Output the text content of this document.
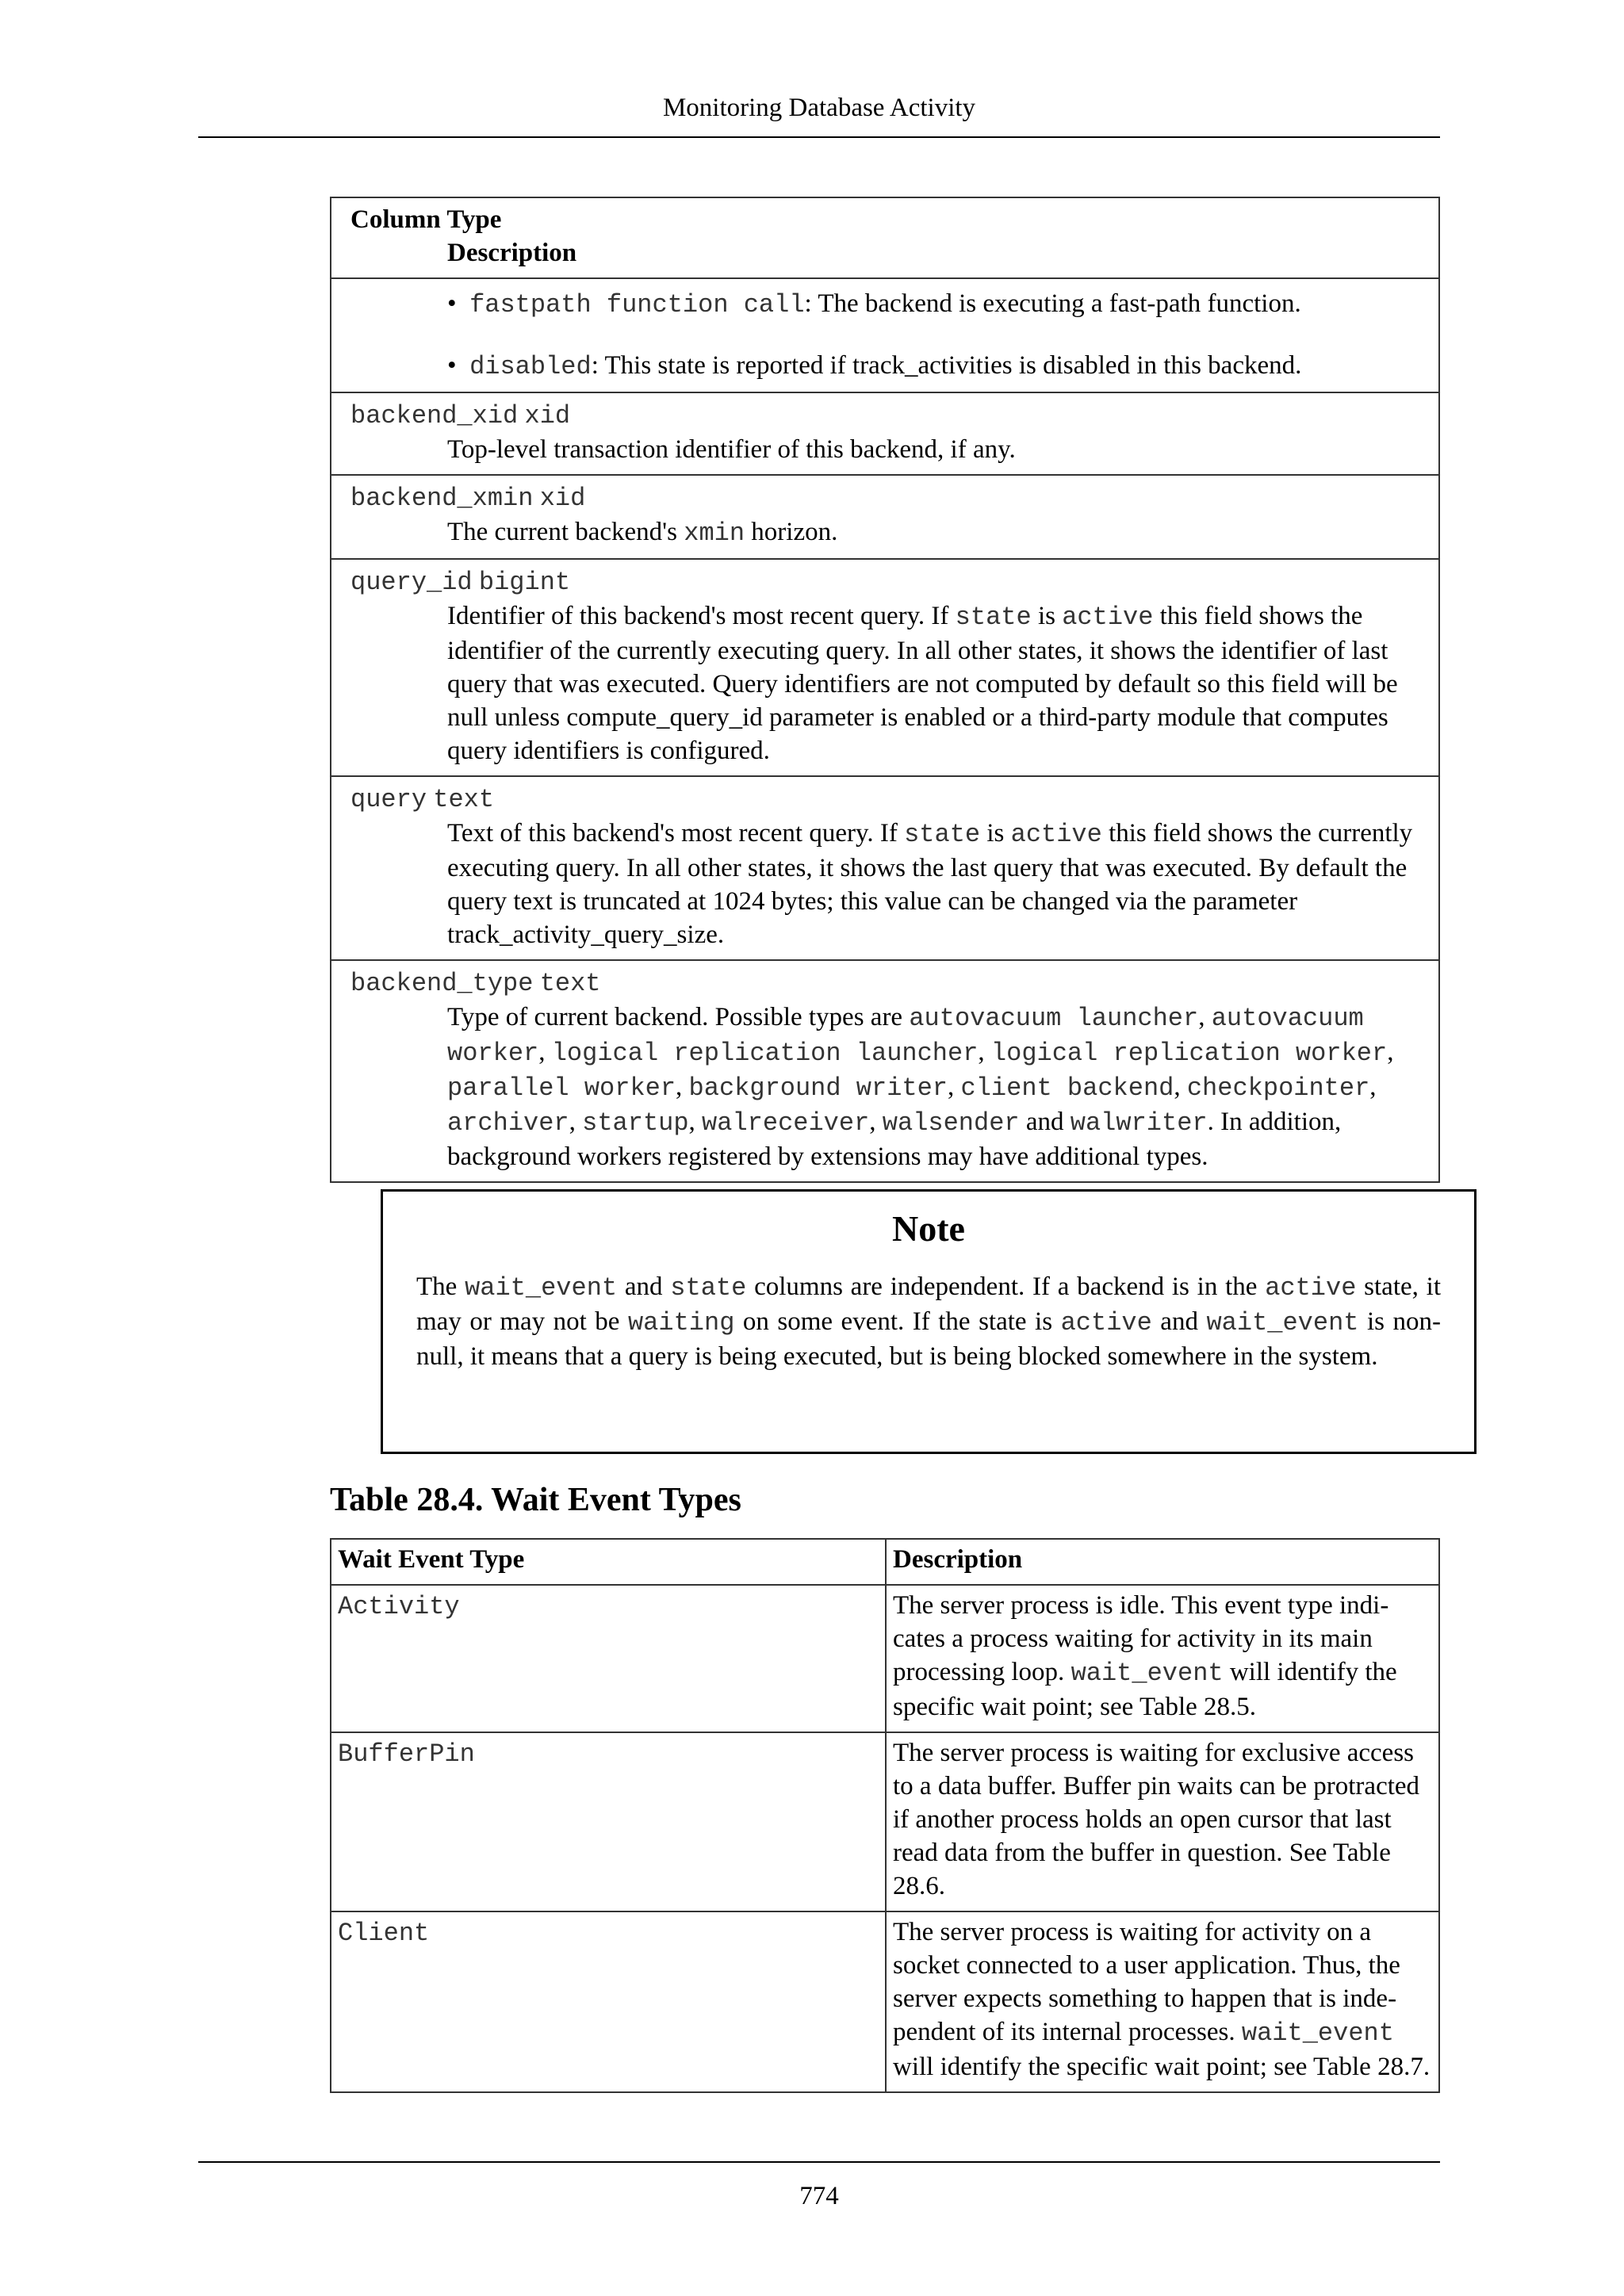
Monitoring Database Activity
Column Type
Description
•  fastpath function call: The backend is executing a fast-path function.
•  disabled: This state is reported if track_activities is disabled in this backend.
backend_xid xid
Top-level transaction identifier of this backend, if any.
backend_xmin xid
The current backend's xmin horizon.
query_id bigint
Identifier of this backend's most recent query. If state is active this field shows the identifier of the currently executing query. In all other states, it shows the identifier of last query that was executed. Query identifiers are not computed by default so this field will be null unless compute_query_id parameter is enabled or a third-party module that computes query identifiers is configured.
query text
Text of this backend's most recent query. If state is active this field shows the currently executing query. In all other states, it shows the last query that was executed. By default the query text is truncated at 1024 bytes; this value can be changed via the parameter track_activity_query_size.
backend_type text
Type of current backend. Possible types are autovacuum launcher, autovacuum worker, logical replication launcher, logical replication worker, parallel worker, background writer, client backend, checkpointer, archiver, startup, walreceiver, walsender and walwriter. In addition, background workers registered by extensions may have additional types.
Note
The wait_event and state columns are independent. If a backend is in the active state, it may or may not be waiting on some event. If the state is active and wait_event is non-null, it means that a query is being executed, but is being blocked somewhere in the system.
Table 28.4. Wait Event Types
Wait Event Type	Description
Activity	The server process is idle. This event type indicates a process waiting for activity in its main processing loop. wait_event will identify the specific wait point; see Table 28.5.
BufferPin	The server process is waiting for exclusive access to a data buffer. Buffer pin waits can be protracted if another process holds an open cursor that last read data from the buffer in question. See Table 28.6.
Client	The server process is waiting for activity on a socket connected to a user application. Thus, the server expects something to happen that is independent of its internal processes. wait_event will identify the specific wait point; see Table 28.7.
774
